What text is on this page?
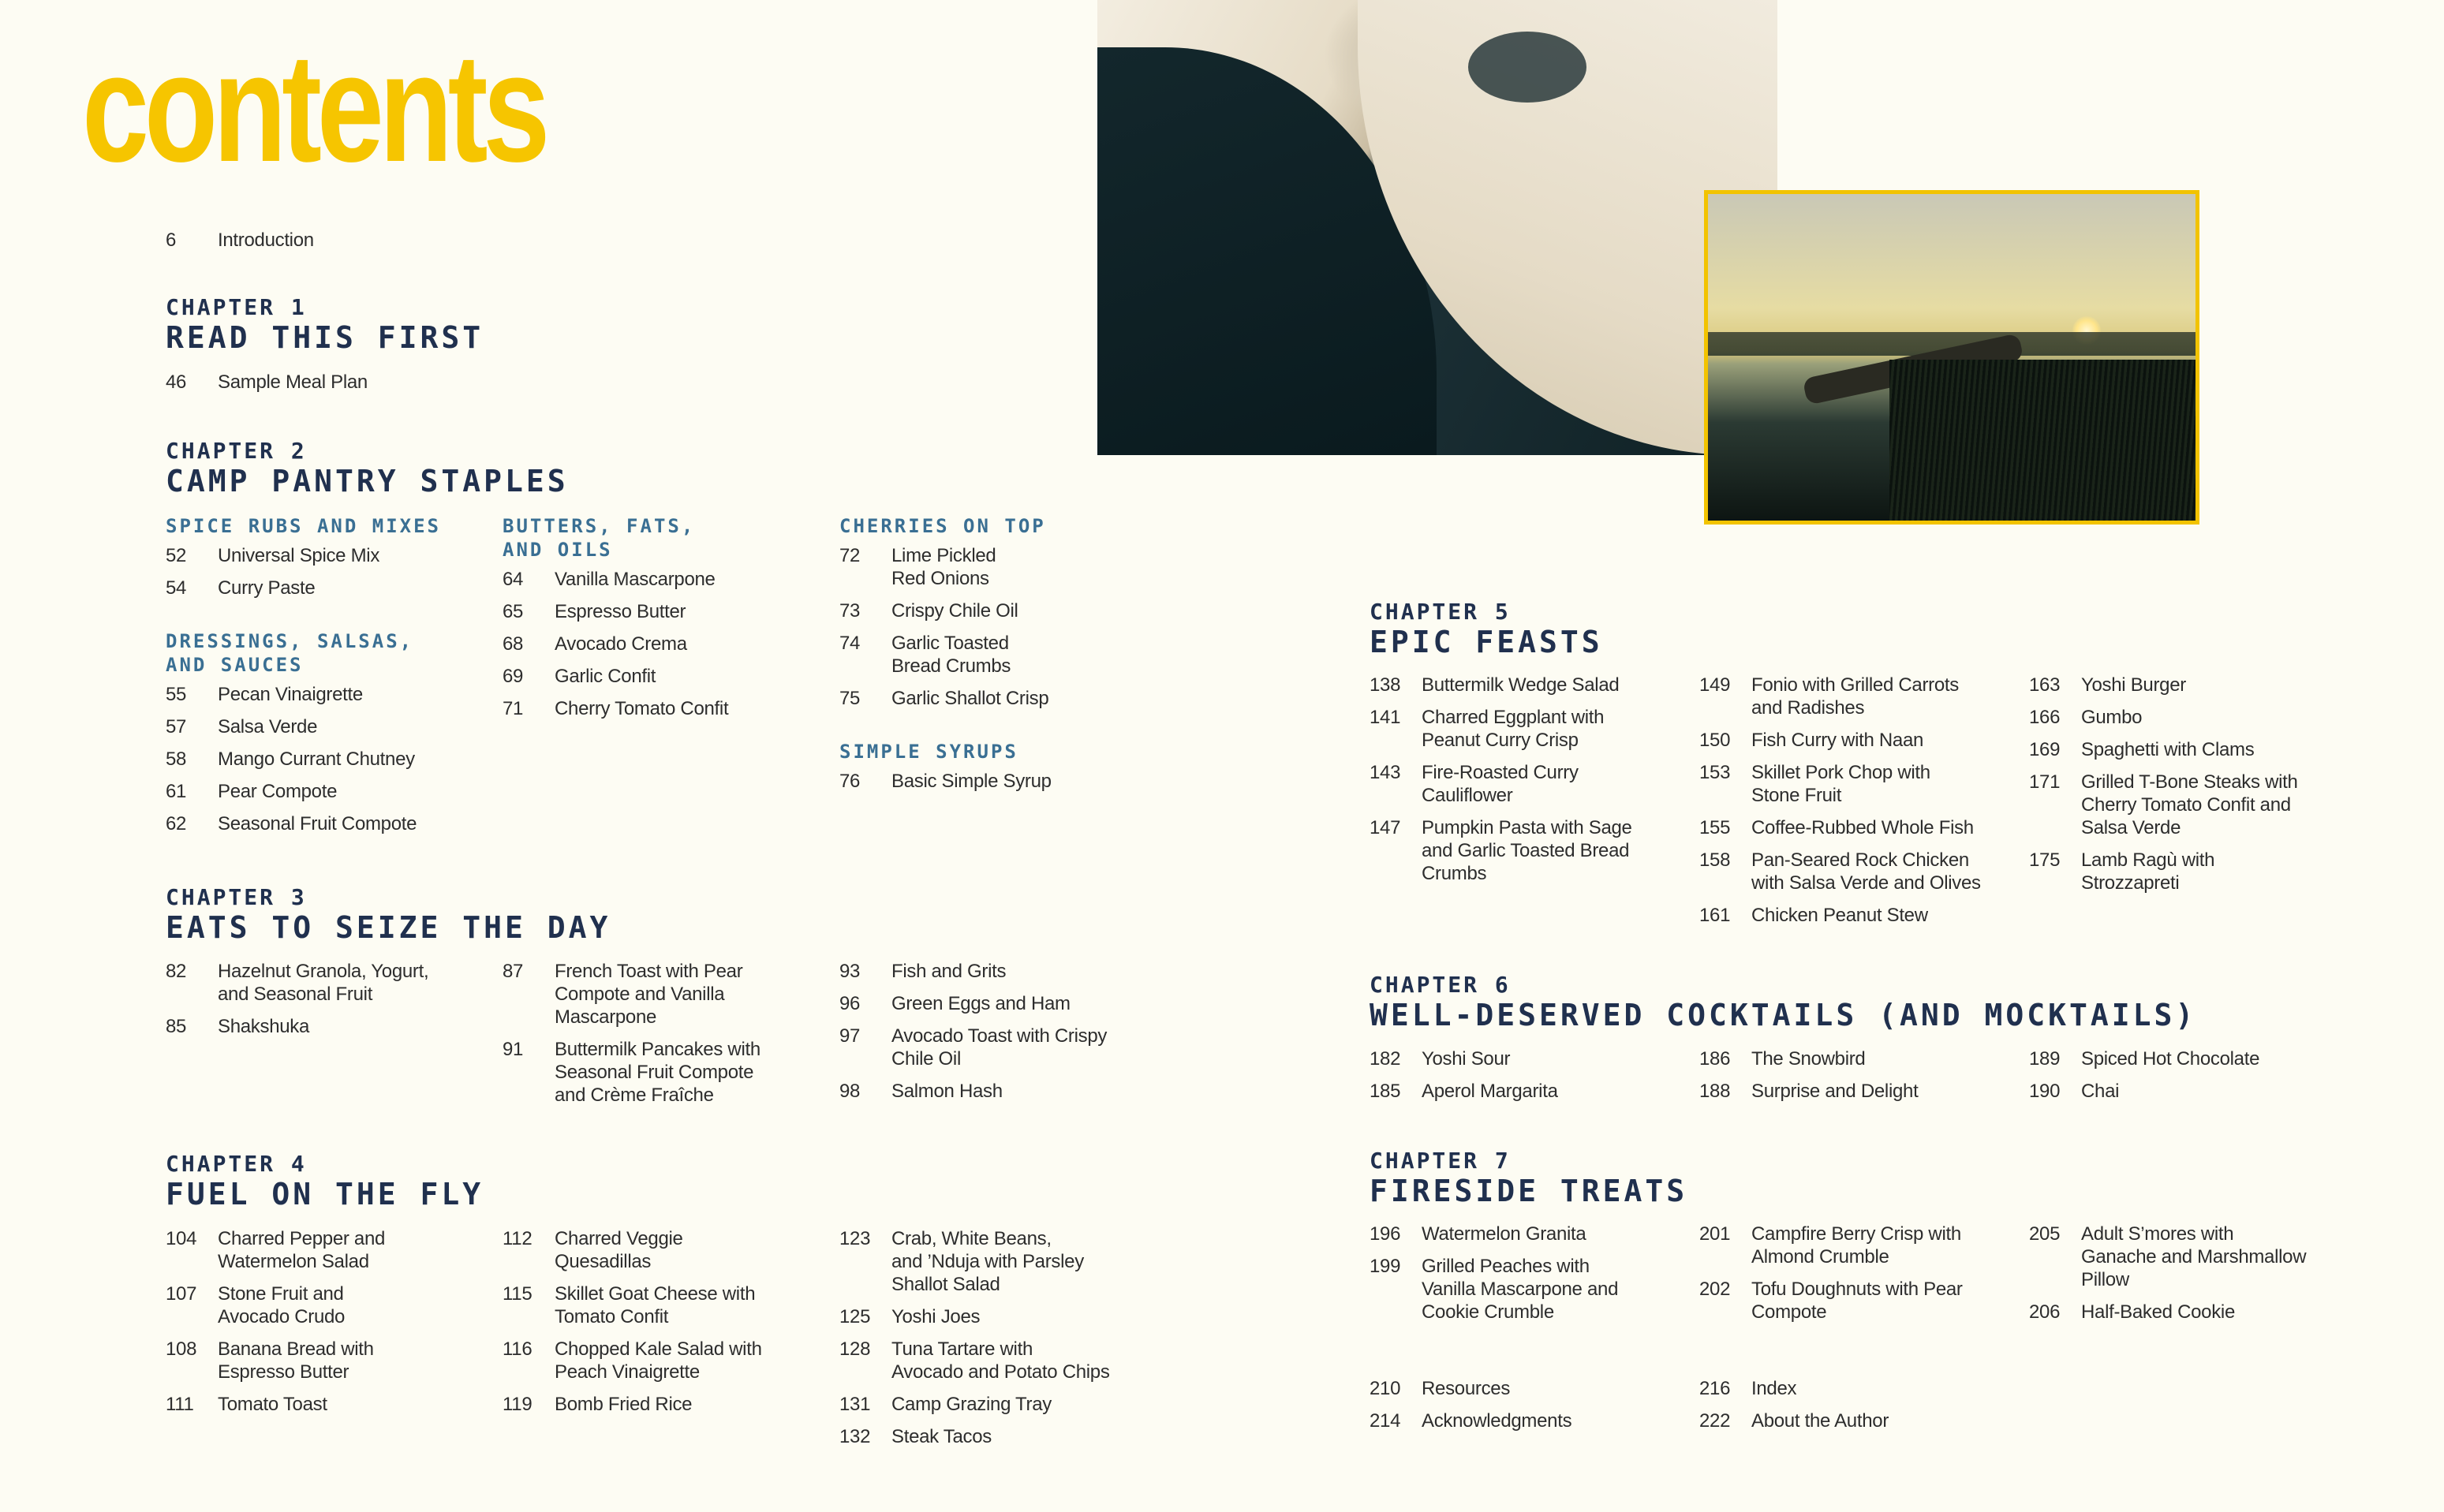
contents
6	Introduction
CHAPTER 1
READ THIS FIRST
46	Sample Meal Plan
CHAPTER 2
CAMP PANTRY STAPLES
SPICE RUBS AND MIXES
52	Universal Spice Mix
54	Curry Paste
DRESSINGS, SALSAS,
AND SAUCES
55	Pecan Vinaigrette
57	Salsa Verde
58	Mango Currant Chutney
61	Pear Compote
62	Seasonal Fruit Compote
BUTTERS, FATS,
AND OILS
64	Vanilla Mascarpone
65	Espresso Butter
68	Avocado Crema
69	Garlic Confit
71	Cherry Tomato Confit
CHERRIES ON TOP
72	Lime Pickled
Red Onions
73	Crispy Chile Oil
74	Garlic Toasted
Bread Crumbs
75	Garlic Shallot Crisp
SIMPLE SYRUPS
76	Basic Simple Syrup
CHAPTER 3
EATS TO SEIZE THE DAY
82	Hazelnut Granola, Yogurt,
and Seasonal Fruit
85	Shakshuka
87	French Toast with Pear
Compote and Vanilla
Mascarpone
91	Buttermilk Pancakes with
Seasonal Fruit Compote
and Crème Fraîche
93	Fish and Grits
96	Green Eggs and Ham
97	Avocado Toast with Crispy
Chile Oil
98	Salmon Hash
CHAPTER 4
FUEL ON THE FLY
104	Charred Pepper and
Watermelon Salad
107	Stone Fruit and
Avocado Crudo
108	Banana Bread with
Espresso Butter
111	Tomato Toast
112	Charred Veggie
Quesadillas
115	Skillet Goat Cheese with
Tomato Confit
116	Chopped Kale Salad with
Peach Vinaigrette
119	Bomb Fried Rice
123	Crab, White Beans,
and ’Nduja with Parsley
Shallot Salad
125	Yoshi Joes
128	Tuna Tartare with
Avocado and Potato Chips
131	Camp Grazing Tray
132	Steak Tacos
CHAPTER 5
EPIC FEASTS
138	Buttermilk Wedge Salad
141	Charred Eggplant with
Peanut Curry Crisp
143	Fire-Roasted Curry
Cauliflower
147	Pumpkin Pasta with Sage
and Garlic Toasted Bread
Crumbs
149	Fonio with Grilled Carrots
and Radishes
150	Fish Curry with Naan
153	Skillet Pork Chop with
Stone Fruit
155	Coffee-Rubbed Whole Fish
158	Pan-Seared Rock Chicken
with Salsa Verde and Olives
161	Chicken Peanut Stew
163	Yoshi Burger
166	Gumbo
169	Spaghetti with Clams
171	Grilled T-Bone Steaks with
Cherry Tomato Confit and
Salsa Verde
175	Lamb Ragù with
Strozzapreti
CHAPTER 6
WELL-DESERVED COCKTAILS (AND MOCKTAILS)
182	Yoshi Sour
185	Aperol Margarita
186	The Snowbird
188	Surprise and Delight
189	Spiced Hot Chocolate
190	Chai
CHAPTER 7
FIRESIDE TREATS
196	Watermelon Granita
199	Grilled Peaches with
Vanilla Mascarpone and
Cookie Crumble
201	Campfire Berry Crisp with
Almond Crumble
202	Tofu Doughnuts with Pear
Compote
205	Adult S’mores with
Ganache and Marshmallow
Pillow
206	Half-Baked Cookie
210	Resources
214	Acknowledgments
216	Index
222	About the Author
